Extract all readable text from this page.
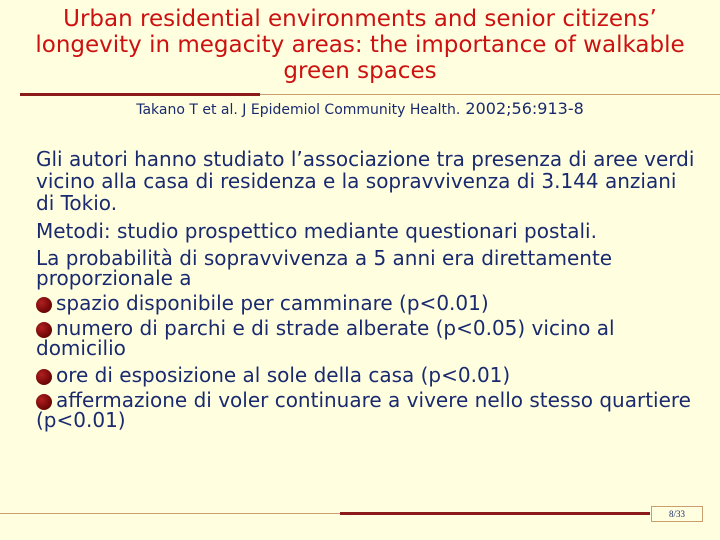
Urban residential environments and senior citizens’ longevity in megacity areas: the importance of walkable green spaces
Takano T et al. J Epidemiol Community Health. 2002;56:913-8
Gli autori hanno studiato l’associazione tra presenza di aree verdi vicino alla casa di residenza e la sopravvivenza di 3.144 anziani di Tokio.
Metodi: studio prospettico mediante questionari postali.
La probabilità di sopravvivenza a 5 anni era direttamente proporzionale a
spazio disponibile per camminare (p<0.01)
numero di parchi e di strade alberate (p<0.05) vicino al domicilio
ore di esposizione al sole della casa (p<0.01)
affermazione di voler continuare a vivere nello stesso quartiere (p<0.01)
8/33
